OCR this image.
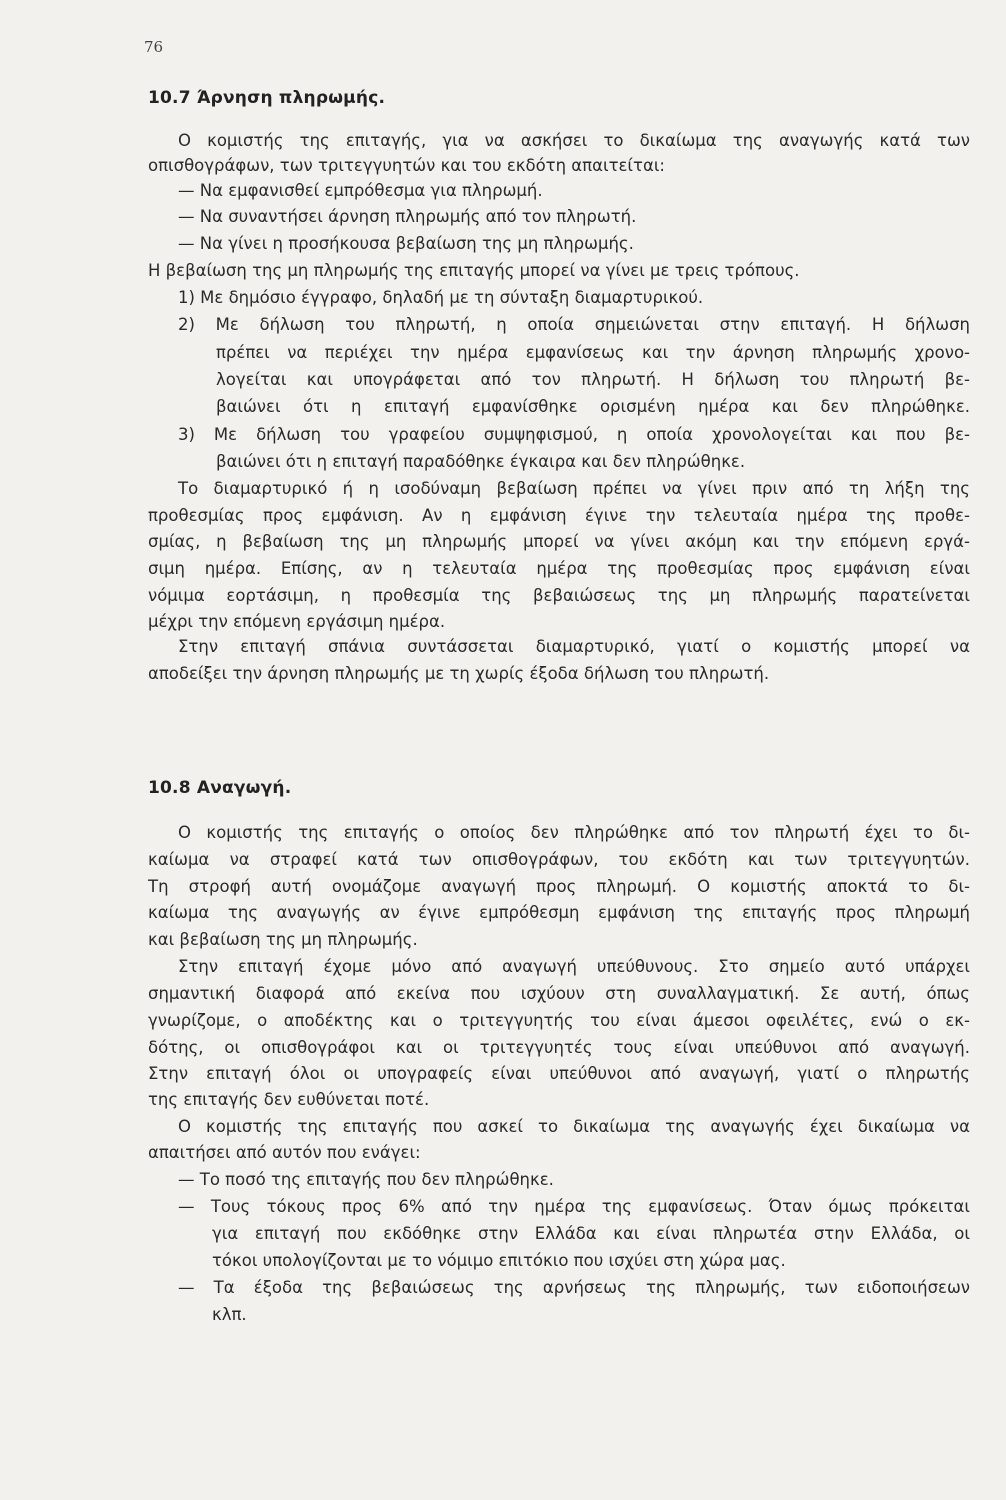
76
10.7 Άρνηση πληρωμής.
Ο κομιστής της επιταγής, για να ασκήσει το δικαίωμα της αναγωγής κατά των
οπισθογράφων, των τριτεγγυητών και του εκδότη απαιτείται:
— Να εμφανισθεί εμπρόθεσμα για πληρωμή.
— Να συναντήσει άρνηση πληρωμής από τον πληρωτή.
— Να γίνει η προσήκουσα βεβαίωση της μη πληρωμής.
Η βεβαίωση της μη πληρωμής της επιταγής μπορεί να γίνει με τρεις τρόπους.
1) Με δημόσιο έγγραφο, δηλαδή με τη σύνταξη διαμαρτυρικού.
2) Με δήλωση του πληρωτή, η οποία σημειώνεται στην επιταγή. Η δήλωση
πρέπει να περιέχει την ημέρα εμφανίσεως και την άρνηση πληρωμής χρονο-
λογείται και υπογράφεται από τον πληρωτή. Η δήλωση του πληρωτή βε-
βαιώνει ότι η επιταγή εμφανίσθηκε ορισμένη ημέρα και δεν πληρώθηκε.
3) Με δήλωση του γραφείου συμψηφισμού, η οποία χρονολογείται και που βε-
βαιώνει ότι η επιταγή παραδόθηκε έγκαιρα και δεν πληρώθηκε.
Το διαμαρτυρικό ή η ισοδύναμη βεβαίωση πρέπει να γίνει πριν από τη λήξη της
προθεσμίας προς εμφάνιση. Αν η εμφάνιση έγινε την τελευταία ημέρα της προθε-
σμίας, η βεβαίωση της μη πληρωμής μπορεί να γίνει ακόμη και την επόμενη εργά-
σιμη ημέρα. Επίσης, αν η τελευταία ημέρα της προθεσμίας προς εμφάνιση είναι
νόμιμα εορτάσιμη, η προθεσμία της βεβαιώσεως της μη πληρωμής παρατείνεται
μέχρι την επόμενη εργάσιμη ημέρα.
Στην επιταγή σπάνια συντάσσεται διαμαρτυρικό, γιατί ο κομιστής μπορεί να
αποδείξει την άρνηση πληρωμής με τη χωρίς έξοδα δήλωση του πληρωτή.
10.8 Αναγωγή.
Ο κομιστής της επιταγής ο οποίος δεν πληρώθηκε από τον πληρωτή έχει το δι-
καίωμα να στραφεί κατά των οπισθογράφων, του εκδότη και των τριτεγγυητών.
Τη στροφή αυτή ονομάζομε αναγωγή προς πληρωμή. Ο κομιστής αποκτά το δι-
καίωμα της αναγωγής αν έγινε εμπρόθεσμη εμφάνιση της επιταγής προς πληρωμή
και βεβαίωση της μη πληρωμής.
Στην επιταγή έχομε μόνο από αναγωγή υπεύθυνους. Στο σημείο αυτό υπάρχει
σημαντική διαφορά από εκείνα που ισχύουν στη συναλλαγματική. Σε αυτή, όπως
γνωρίζομε, ο αποδέκτης και ο τριτεγγυητής του είναι άμεσοι οφειλέτες, ενώ ο εκ-
δότης, οι οπισθογράφοι και οι τριτεγγυητές τους είναι υπεύθυνοι από αναγωγή.
Στην επιταγή όλοι οι υπογραφείς είναι υπεύθυνοι από αναγωγή, γιατί ο πληρωτής
της επιταγής δεν ευθύνεται ποτέ.
Ο κομιστής της επιταγής που ασκεί το δικαίωμα της αναγωγής έχει δικαίωμα να
απαιτήσει από αυτόν που ενάγει:
— Το ποσό της επιταγής που δεν πληρώθηκε.
— Τους τόκους προς 6% από την ημέρα της εμφανίσεως. Όταν όμως πρόκειται
για επιταγή που εκδόθηκε στην Ελλάδα και είναι πληρωτέα στην Ελλάδα, οι
τόκοι υπολογίζονται με το νόμιμο επιτόκιο που ισχύει στη χώρα μας.
— Τα έξοδα της βεβαιώσεως της αρνήσεως της πληρωμής, των ειδοποιήσεων
κλπ.
